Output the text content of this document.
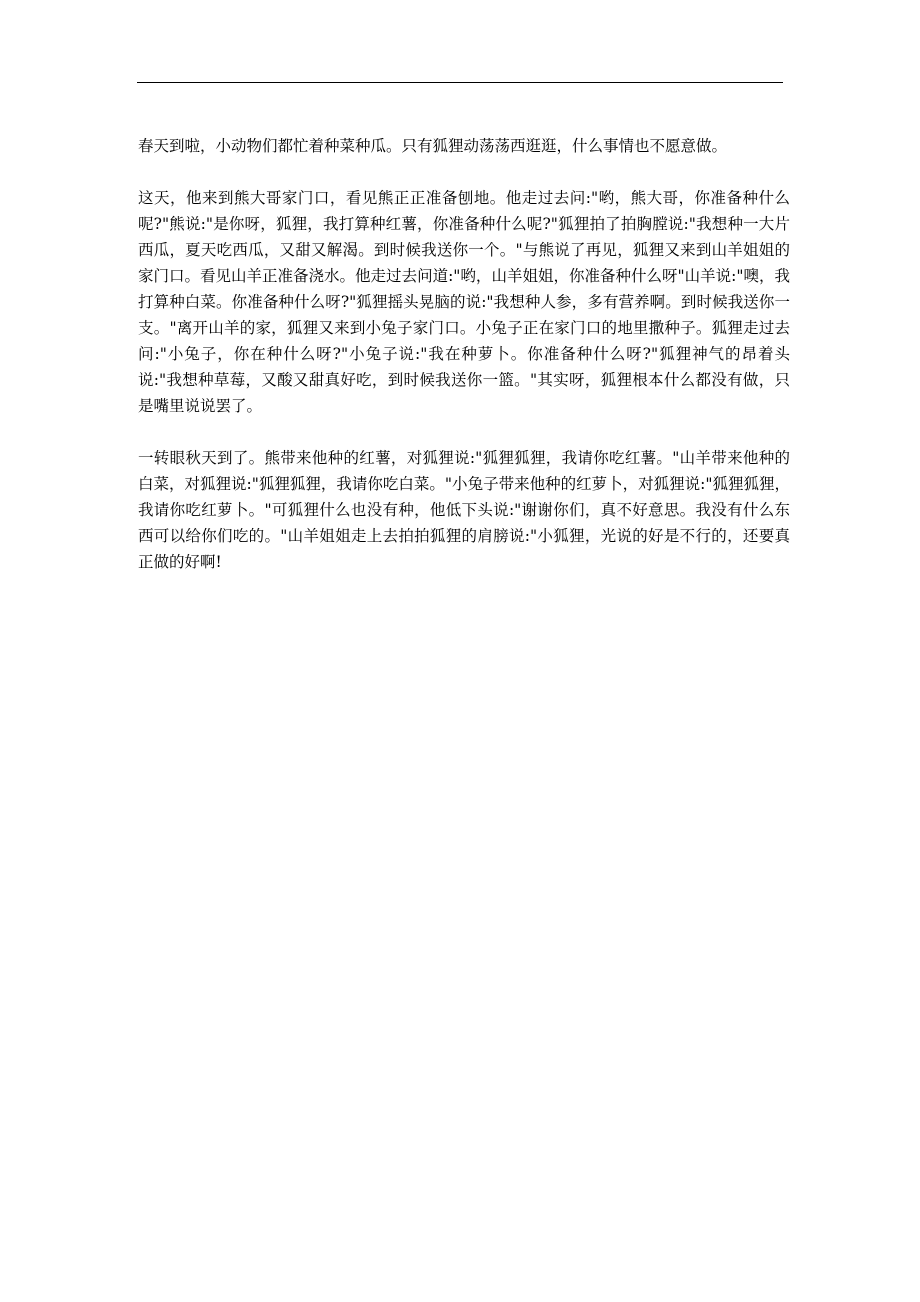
春天到啦，小动物们都忙着种菜种瓜。只有狐狸动荡荡西逛逛，什么事情也不愿意做。

这天，他来到熊大哥家门口，看见熊正正准备刨地。他走过去问:"哟，熊大哥，你准备种什么呢?"熊说:"是你呀，狐狸，我打算种红薯，你准备种什么呢?"狐狸拍了拍胸膛说:"我想种一大片西瓜，夏天吃西瓜，又甜又解渴。到时候我送你一个。"与熊说了再见，狐狸又来到山羊姐姐的家门口。看见山羊正准备浇水。他走过去问道:"哟，山羊姐姐，你准备种什么呀"山羊说:"噢，我打算种白菜。你准备种什么呀?"狐狸摇头晃脑的说:"我想种人参，多有营养啊。到时候我送你一支。"离开山羊的家，狐狸又来到小兔子家门口。小兔子正在家门口的地里撒种子。狐狸走过去问:"小兔子，你在种什么呀?"小兔子说:"我在种萝卜。你准备种什么呀?"狐狸神气的昂着头说:"我想种草莓，又酸又甜真好吃，到时候我送你一篮。"其实呀，狐狸根本什么都没有做，只是嘴里说说罢了。

一转眼秋天到了。熊带来他种的红薯，对狐狸说:"狐狸狐狸，我请你吃红薯。"山羊带来他种的白菜，对狐狸说:"狐狸狐狸，我请你吃白菜。"小兔子带来他种的红萝卜，对狐狸说:"狐狸狐狸，我请你吃红萝卜。"可狐狸什么也没有种，他低下头说:"谢谢你们，真不好意思。我没有什么东西可以给你们吃的。"山羊姐姐走上去拍拍狐狸的肩膀说:"小狐狸，光说的好是不行的，还要真正做的好啊!
